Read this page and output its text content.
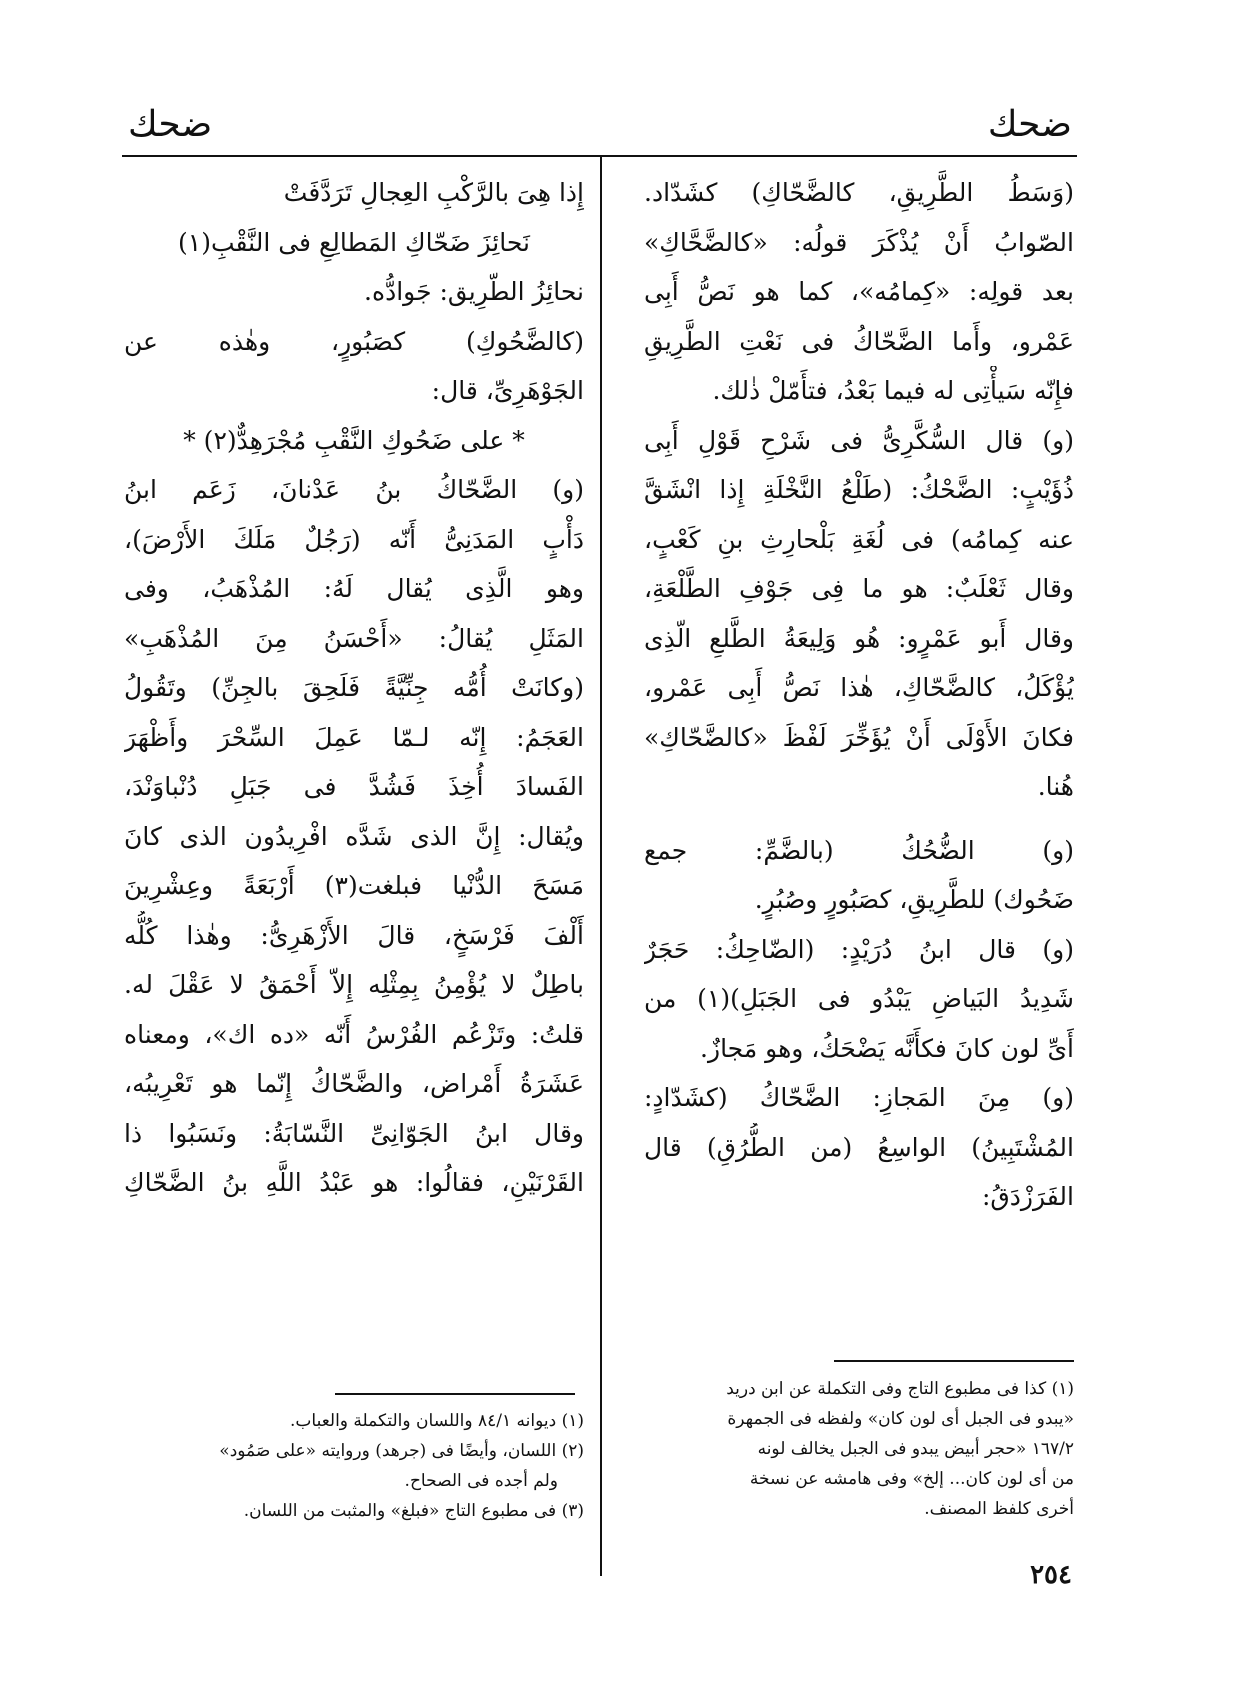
ضحك
ضحك

(وَسَطُ الطَّرِيقِ، كالضَّحّاكِ) كشَدّاد.

الصّوابُ أَنْ يُذْكَرَ قولُه: «كالضَّحَّاكِ»

بعد قولِه: «كِمامُه»، كما هو نَصُّ أَبِى

عَمْرو، وأَما الضَّحّاكُ فى نَعْتِ الطَّرِيقِ

فإِنّه سَيأْتِى له فيما بَعْدُ، فتأَمّلْ ذٰلك.

(و) قال السُّكَّرِىُّ فى شَرْحِ قَوْلِ أَبِى

ذُؤَيْبٍ: الضَّحْكُ: (طَلْعُ النَّخْلَةِ إِذا انْشَقَّ

عنه كِمامُه) فى لُغَةِ بَلْحارِثِ بنِ كَعْبٍ،

وقال ثَعْلَبٌ: هو ما فِى جَوْفِ الطَّلْعَةِ،

وقال أَبو عَمْرٍو: هُو وَلِيعَةُ الطَّلعِ الّذِى

يُؤْكَلُ، كالضَّحّاكِ، هٰذا نَصُّ أَبِى عَمْرو،

فكانَ الأَوْلَى أَنْ يُؤَخِّرَ لَفْظَ «كالضَّحّاكِ»

هُنا.

(و) الضُّحُكُ (بالضَّمِّ: جمع

ضَحُوك) للطَّرِيقِ، كصَبُورٍ وصُبُرٍ.

(و) قال ابنُ دُرَيْدٍ: (الضّاحِكُ: حَجَرٌ

شَدِيدُ البَياضِ يَبْدُو فى الجَبَلِ)(١) من

أَىِّ لون كانَ فكأَنَّه يَضْحَكُ، وهو مَجازٌ.

(و) مِنَ المَجازِ: الضَّحّاكُ (كشَدّادٍ:

المُشْتَبِينُ) الواسِعُ (من الطُّرُقِ) قال

الفَرَزْدَقُ:

إِذا هِىَ بالرَّكْبِ العِجالِ تَرَدَّفَتْ

نَحائِزَ ضَحّاكِ المَطالِعِ فى النَّقْبِ(١)

نحائِزُ الطّرِيق: جَوادُّه.

(كالضَّحُوكِ) كصَبُورٍ، وهٰذه عن

الجَوْهَرِىِّ، قال:

* على ضَحُوكِ النَّقْبِ مُجْرَهِدٌّ(٢) *

(و) الضَّحّاكُ بنُ عَدْنانَ، زَعَم ابنُ

دَأْبٍ المَدَنِىُّ أَنّه (رَجُلٌ مَلَكَ الأَرْضَ)،

وهو الَّذِى يُقال لَهُ: المُذْهَبُ، وفى

المَثَلِ يُقالُ: «أَحْسَنُ مِنَ المُذْهَبِ»

(وكانَتْ أُمُّه جِنِّيَّةً فَلَحِقَ بالجِنِّ) وتَقُولُ

العَجَمُ: إِنّه لـمّا عَمِلَ السِّحْرَ وأَظْهَرَ

الفَسادَ أُخِذَ فَشُدَّ فى جَبَلِ دُنْباوَنْدَ،

ويُقال: إِنَّ الذى شَدَّه افْرِيدُون الذى كانَ

مَسَحَ الدُّنْيا فبلغت(٣) أَرْبَعَةً وعِشْرِينَ

أَلْفَ فَرْسَخٍ، قالَ الأَزْهَرِىُّ: وهٰذا كُلُّه

باطِلٌ لا يُؤْمِنُ بِمِثْلِه إِلاّ أَحْمَقُ لا عَقْلَ له.

قلتُ: وتَزْعُم الفُرْسُ أَنّه «ده اك»، ومعناه

عَشَرَةُ أَمْراض، والضَّحّاكُ إِنّما هو تَعْرِيبُه،

وقال ابنُ الجَوّانِىِّ النَّسّابَةُ: ونَسَبُوا ذا

القَرْنَيْنِ، فقالُوا: هو عَبْدُ اللَّهِ بنُ الضَّحّاكِ

(١) كذا فى مطبوع التاج وفى التكملة عن ابن دريد

«يبدو فى الجبل أى لون كان» ولفظه فى الجمهرة

١٦٧/٢ «حجر أبيض يبدو فى الجبل يخالف لونه

من أى لون كان... إلخ» وفى هامشه عن نسخة

أخرى كلفظ المصنف.

(١) ديوانه ٨٤/١ واللسان والتكملة والعباب.

(٢) اللسان، وأيضًا فى (جرهد) وروايته «على صَمُود»

ولم أجده فى الصحاح.

(٣) فى مطبوع التاج «فبلغ» والمثبت من اللسان.

٢٥٤
